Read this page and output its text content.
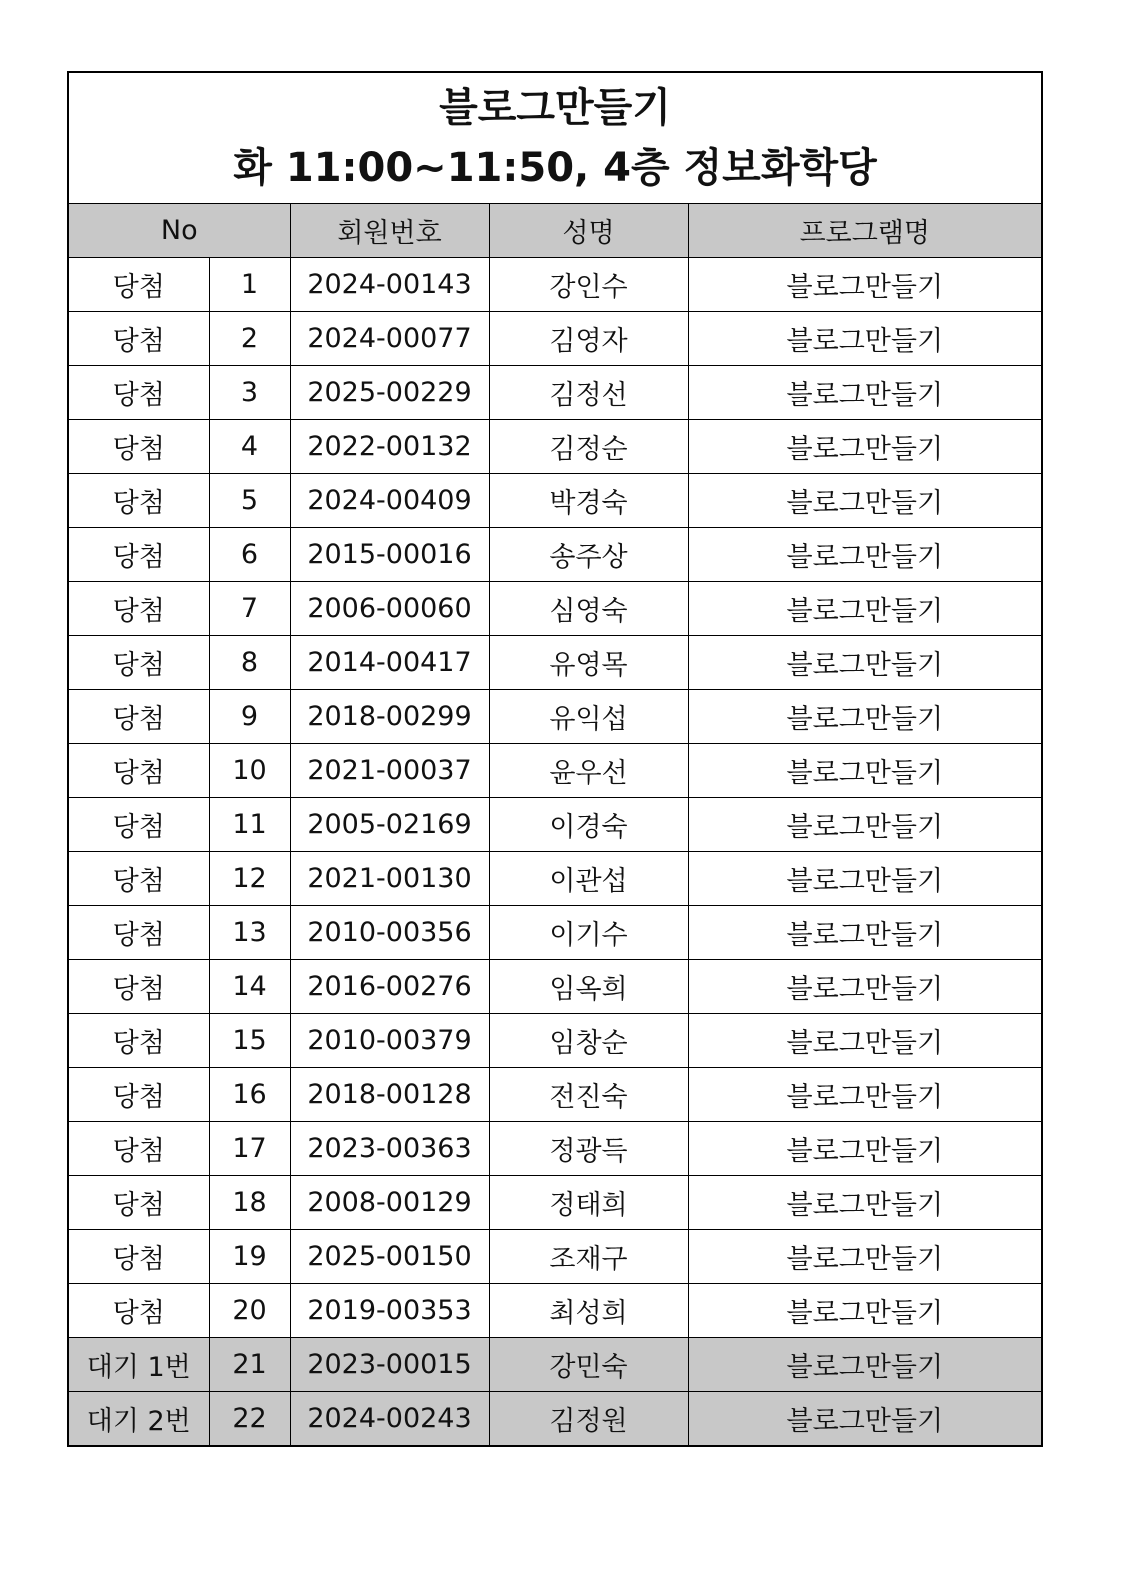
블로그만들기
화 11:00~11:50, 4층 정보화학당				

No		회원번호	성명	프로그램명
당첨	1	2024-00143	강인수	블로그만들기
당첨	2	2024-00077	김영자	블로그만들기
당첨	3	2025-00229	김정선	블로그만들기
당첨	4	2022-00132	김정순	블로그만들기
당첨	5	2024-00409	박경숙	블로그만들기
당첨	6	2015-00016	송주상	블로그만들기
당첨	7	2006-00060	심영숙	블로그만들기
당첨	8	2014-00417	유영목	블로그만들기
당첨	9	2018-00299	유익섭	블로그만들기
당첨	10	2021-00037	윤우선	블로그만들기
당첨	11	2005-02169	이경숙	블로그만들기
당첨	12	2021-00130	이관섭	블로그만들기
당첨	13	2010-00356	이기수	블로그만들기
당첨	14	2016-00276	임옥희	블로그만들기
당첨	15	2010-00379	임창순	블로그만들기
당첨	16	2018-00128	전진숙	블로그만들기
당첨	17	2023-00363	정광득	블로그만들기
당첨	18	2008-00129	정태희	블로그만들기
당첨	19	2025-00150	조재구	블로그만들기
당첨	20	2019-00353	최성희	블로그만들기
대기 1번	21	2023-00015	강민숙	블로그만들기
대기 2번	22	2024-00243	김정원	블로그만들기
